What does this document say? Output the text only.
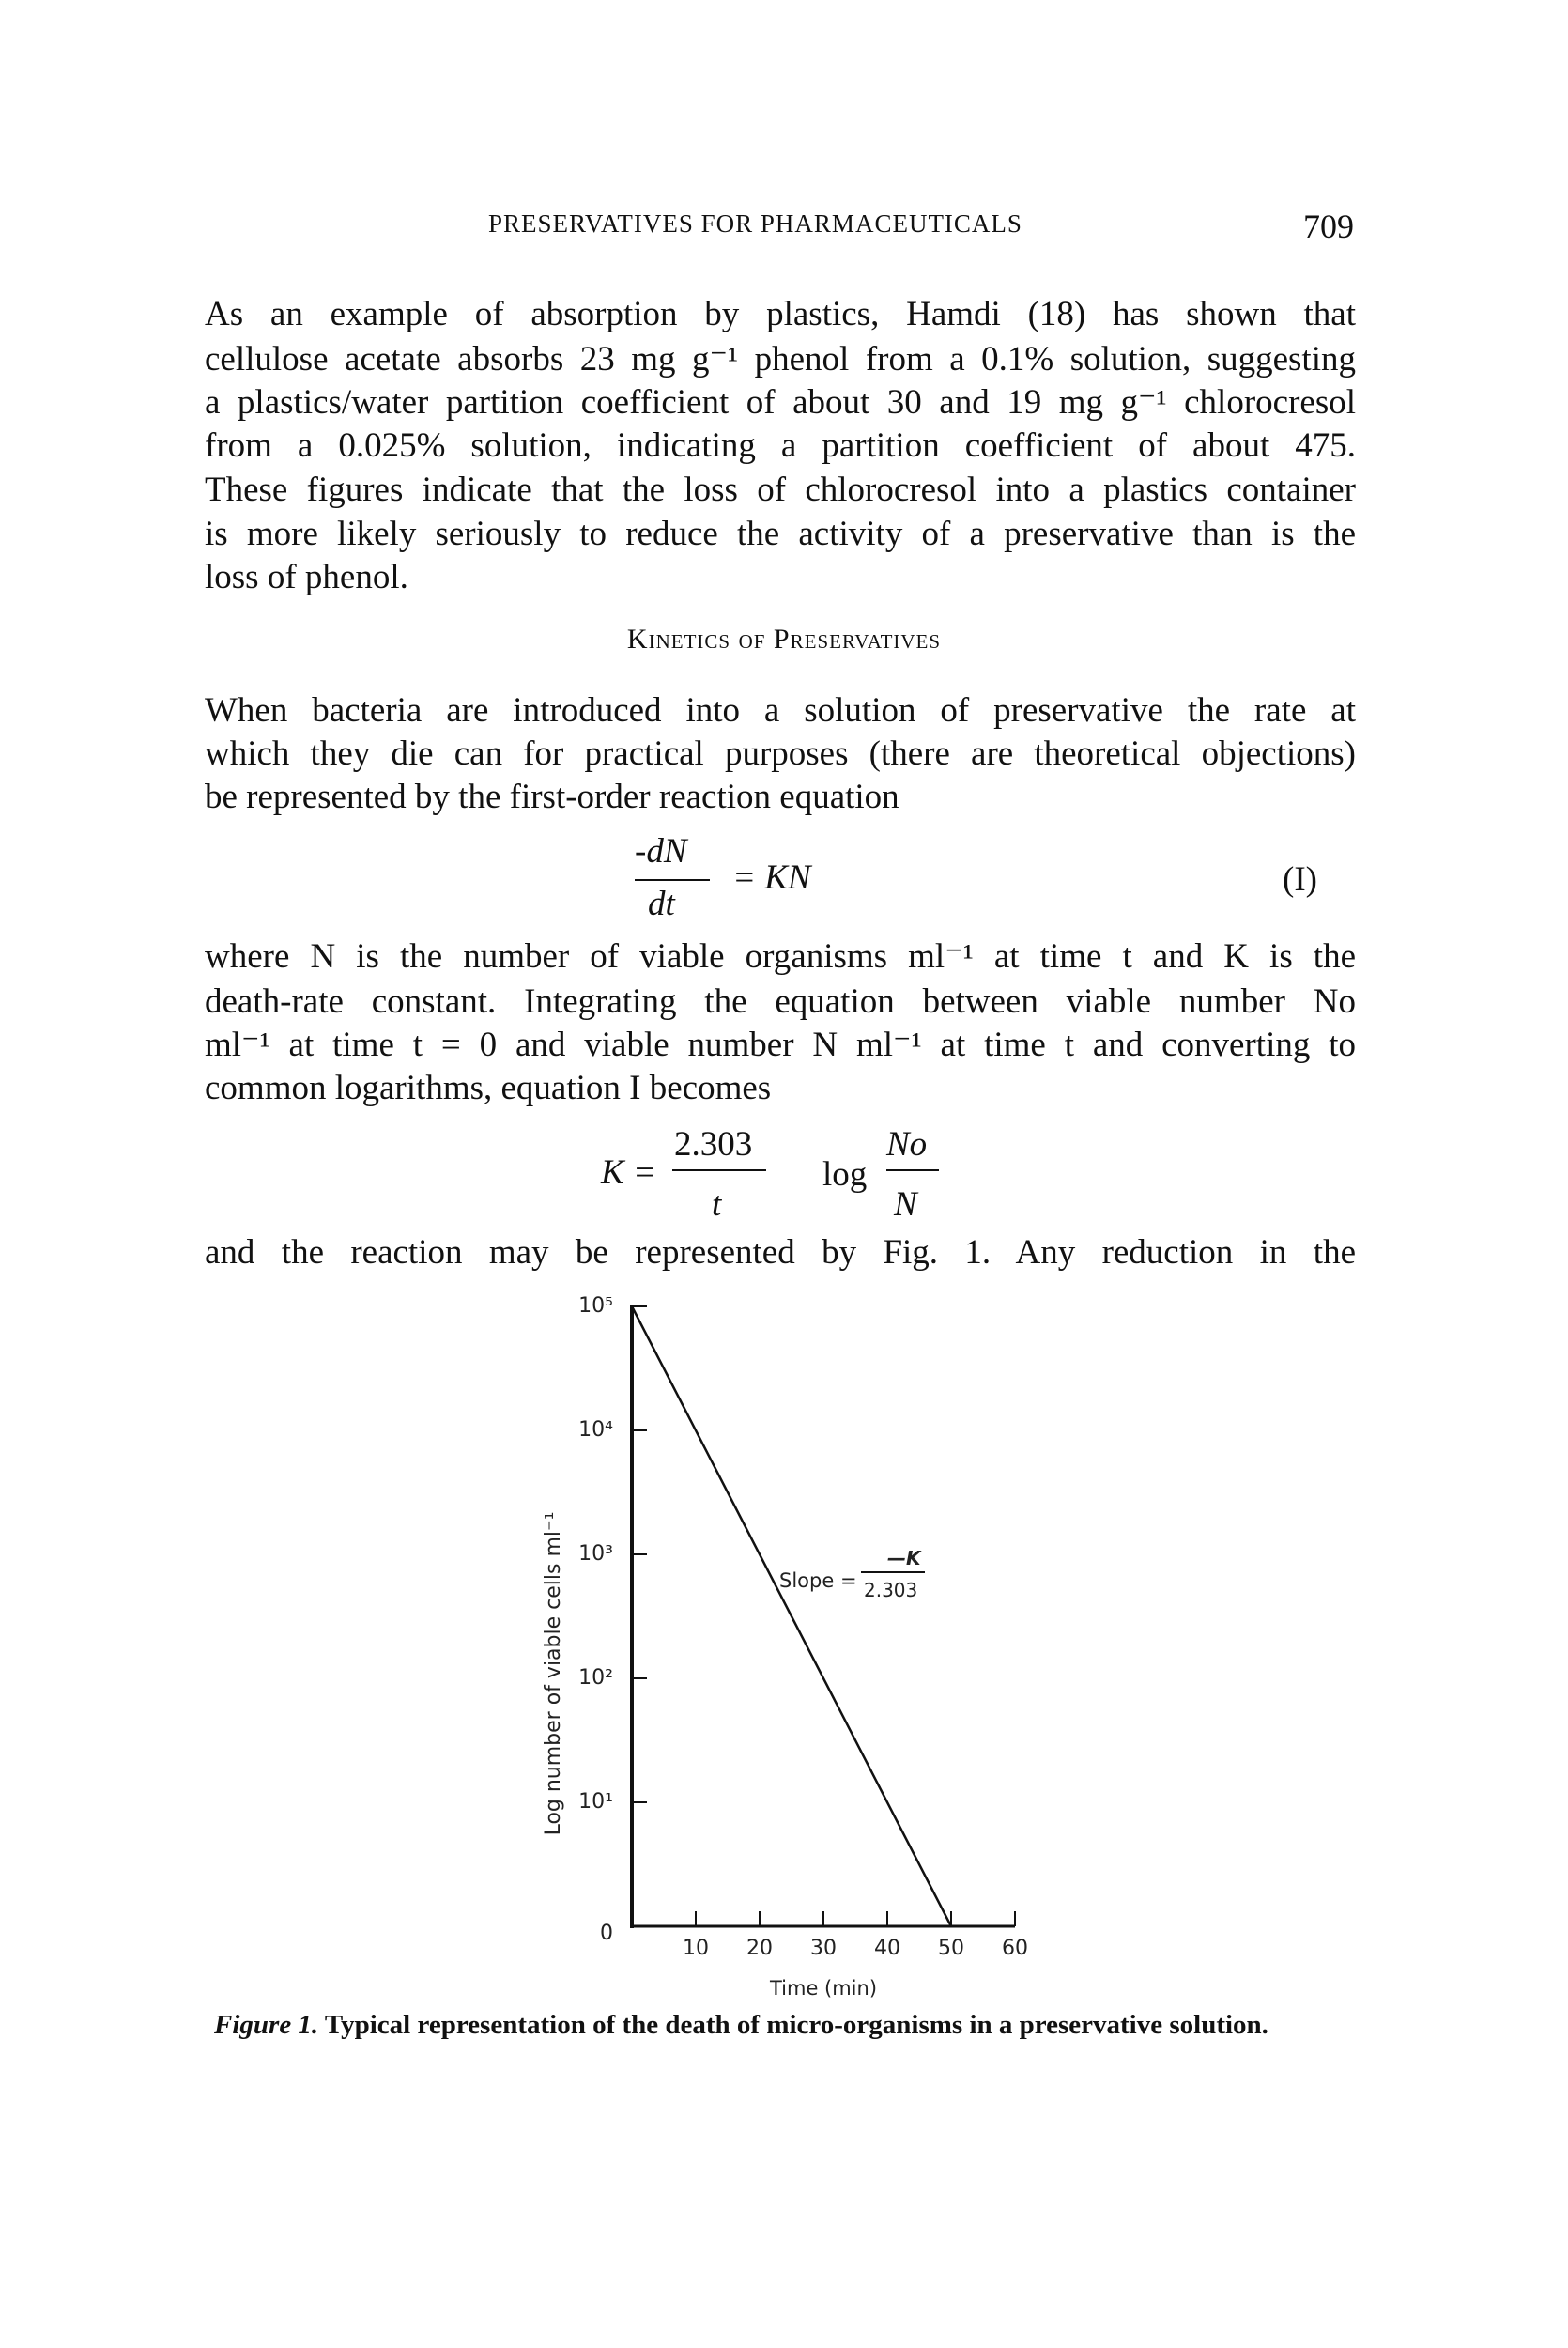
PRESERVATIVES FOR PHARMACEUTICALS	709
As an example of absorption by plastics, Hamdi (18) has shown that
cellulose acetate absorbs 23 mg g⁻¹ phenol from a 0.1% solution, suggesting
a plastics/water partition coefficient of about 30 and 19 mg g⁻¹ chlorocresol
from a 0.025% solution, indicating a partition coefficient of about 475.
These figures indicate that the loss of chlorocresol into a plastics container
is more likely seriously to reduce the activity of a preservative than is the
loss of phenol.
Kinetics of Preservatives
When bacteria are introduced into a solution of preservative the rate at
which they die can for practical purposes (there are theoretical objections)
be represented by the first-order reaction equation
-dN
dt
= KN	(I)
where N is the number of viable organisms ml⁻¹ at time t and K is the
death-rate constant. Integrating the equation between viable number No
ml⁻¹ at time t = 0 and viable number N ml⁻¹ at time t and converting to
common logarithms, equation I becomes
K =
2.303
t
log
No
N
and the reaction may be represented by Fig. 1. Any reduction in the
0
10¹
10²
10³
10⁴
10⁵
10 20 30 40 50 60
Log number of viable cells ml⁻¹
Time (min)
Slope =
—K
2.303
Figure 1. Typical representation of the death of micro-organisms in a preservative solution.
